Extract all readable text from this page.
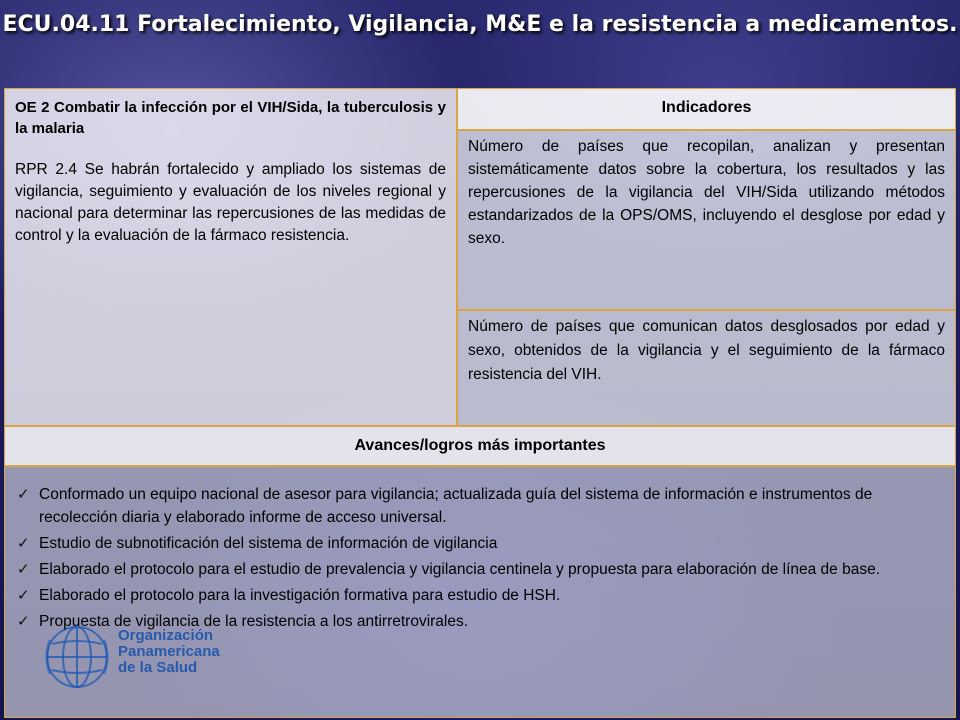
ECU.04.11 Fortalecimiento, Vigilancia, M&E e la resistencia a medicamentos.

OE 2 Combatir la infección por el VIH/Sida, la tuberculosis y la malaria

RPR 2.4 Se habrán fortalecido y ampliado los sistemas de vigilancia, seguimiento y evaluación de los niveles regional y nacional para determinar las repercusiones de las medidas de control y la evaluación de la fármaco resistencia.

Indicadores

Número de países que recopilan, analizan y presentan sistemáticamente datos sobre la cobertura, los resultados y las repercusiones de la vigilancia del VIH/Sida utilizando métodos estandarizados de la OPS/OMS, incluyendo el desglose por edad y sexo.

Número de países que comunican datos desglosados por edad y sexo, obtenidos de la vigilancia y el seguimiento de la fármaco resistencia del VIH.

Avances/logros más importantes
✓ Conformado un equipo nacional de asesor para vigilancia; actualizada guía del sistema de información e instrumentos de recolección diaria y elaborado informe de acceso universal.
✓ Estudio de subnotificación del sistema de información de vigilancia
✓ Elaborado el protocolo para el estudio de prevalencia y vigilancia centinela y propuesta para elaboración de línea de base.
✓ Elaborado el protocolo para la investigación formativa para estudio de HSH.
✓ Propuesta de vigilancia de la resistencia a los antirretrovirales.
Organización
Panamericana
de la Salud
